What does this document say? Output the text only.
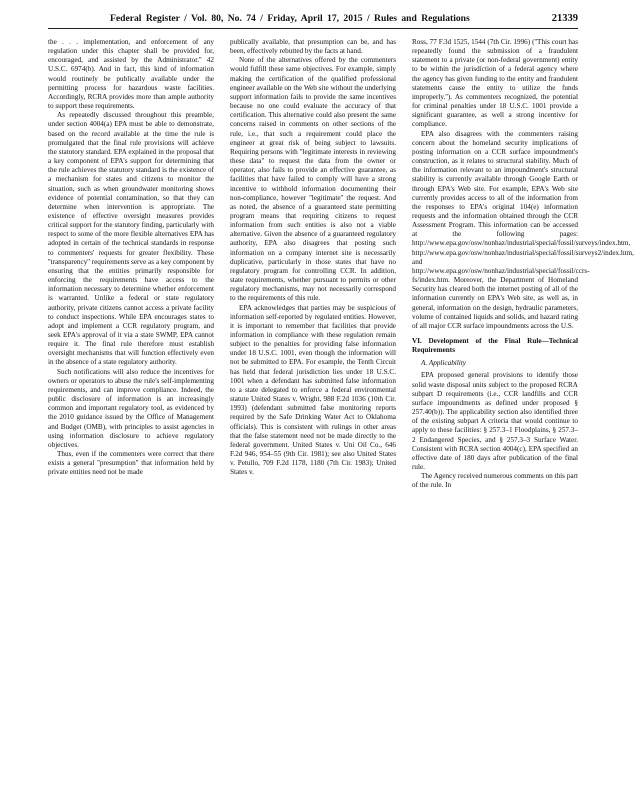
Federal Register / Vol. 80, No. 74 / Friday, April 17, 2015 / Rules and Regulations	21339

the . . . implementation, and enforcement of any regulation under this chapter shall be provided for, encouraged, and assisted by the Administrator.'' 42 U.S.C. 6974(b). And in fact, this kind of information would routinely be publically available under the permitting process for hazardous waste facilities. Accordingly, RCRA provides more than ample authority to support these requirements.

As repeatedly discussed throughout this preamble, under section 4004(a) EPA must be able to demonstrate, based on the record available at the time the rule is promulgated that the final rule provisions will achieve the statutory standard. EPA explained in the proposal that a key component of EPA's support for determining that the rule achieves the statutory standard is the existence of a mechanism for states and citizens to monitor the situation, such as when groundwater monitoring shows evidence of potential contamination, so that they can determine when intervention is appropriate. The existence of effective oversight measures provides critical support for the statutory finding, particularly with respect to some of the more flexible alternatives EPA has adopted in certain of the technical standards in response to commenters' requests for greater flexibility. These ''transparency'' requirements serve as a key component by ensuring that the entities primarily responsible for enforcing the requirements have access to the information necessary to determine whether enforcement is warranted. Unlike a federal or state regulatory authority, private citizens cannot access a private facility to conduct inspections. While EPA encourages states to adopt and implement a CCR regulatory program, and seek EPA's approval of it via a state SWMP, EPA cannot require it. The final rule therefore must establish oversight mechanisms that will function effectively even in the absence of a state regulatory authority.

Such notifications will also reduce the incentives for owners or operators to abuse the rule's self-implementing requirements, and can improve compliance. Indeed, the public disclosure of information is an increasingly common and important regulatory tool, as evidenced by the 2010 guidance issued by the Office of Management and Budget (OMB), with principles to assist agencies in using information disclosure to achieve regulatory objectives.

Thus, even if the commenters were correct that there exists a general ''presumption'' that information held by private entities need not be made

publically available, that presumption can be, and has been, effectively rebutted by the facts at hand.

None of the alternatives offered by the commenters would fulfill these same objectives. For example, simply making the certification of the qualified professional engineer available on the Web site without the underlying support information fails to provide the same incentives because no one could evaluate the accuracy of that certification. This alternative could also present the same concerns raised in comments on other sections of the rule, i.e., that such a requirement could place the engineer at great risk of being subject to lawsuits. Requiring persons with ''legitimate interests in reviewing these data'' to request the data from the owner or operator, also fails to provide an effective guarantee, as facilities that have failed to comply will have a strong incentive to withhold information documenting their non-compliance, however ''legitimate'' the request. And as noted, the absence of a guaranteed state permitting program means that requiring citizens to request information from such entities is also not a viable alternative. Given the absence of a guaranteed regulatory authority, EPA also disagrees that posting such information on a company internet site is necessarily duplicative, particularly in those states that have no regulatory program for controlling CCR. In addition, state requirements, whether pursuant to permits or other regulatory mechanisms, may not necessarily correspond to the requirements of this rule.

EPA acknowledges that parties may be suspicious of information self-reported by regulated entities. However, it is important to remember that facilities that provide information in compliance with these regulation remain subject to the penalties for providing false information under 18 U.S.C. 1001, even though the information will not be submitted to EPA. For example, the Tenth Circuit has held that federal jurisdiction lies under 18 U.S.C. 1001 when a defendant has submitted false information to a state delegated to enforce a federal environmental statute United States v. Wright, 988 F.2d 1036 (10th Cir. 1993) (defendant submitted false monitoring reports required by the Safe Drinking Water Act to Oklahoma officials). This is consistent with rulings in other areas that the false statement need not be made directly to the federal government. United States v. Uni Oil Co., 646 F.2d 946, 954–55 (9th Cir. 1981); see also United States v. Petullo, 709 F.2d 1178, 1180 (7th Cir. 1983); United States v.

Ross, 77 F.3d 1525, 1544 (7th Cir. 1996) (''This court has repeatedly found the submission of a fraudulent statement to a private (or non-federal government) entity to be within the jurisdiction of a federal agency where the agency has given funding to the entity and fraudulent statements cause the entity to utilize the funds improperly.''). As commenters recognized, the potential for criminal penalties under 18 U.S.C. 1001 provide a significant guarantee, as well a strong incentive for compliance.

EPA also disagrees with the commenters raising concern about the homeland security implications of posting information on a CCR surface impoundment's construction, as it relates to structural stability. Much of the information relevant to an impoundment's structural stability is currently available through Google Earth or through EPA's Web site. For example, EPA's Web site currently provides access to all of the information from the responses to EPA's original 104(e) information requests and the information obtained through the CCR Assessment Program. This information can be accessed at the following pages: http://www.epa.gov/osw/nonhaz/industrial/special/fossil/surveys/index.htm, http://www.epa.gov/osw/nonhaz/industrial/special/fossil/surveys2/index.htm, and http://www.epa.gov/osw/nonhaz/industrial/special/fossil/ccrs-fs/index.htm. Moreover, the Department of Homeland Security has cleared both the internet posting of all of the information currently on EPA's Web site, as well as, in general, information on the design, hydraulic parameters, volume of contained liquids and solids, and hazard rating of all major CCR surface impoundments across the U.S.

VI. Development of the Final Rule—Technical Requirements

A. Applicability

EPA proposed general provisions to identify those solid waste disposal units subject to the proposed RCRA subpart D requirements (i.e., CCR landfills and CCR surface impoundments as defined under proposed § 257.40(b)). The applicability section also identified three of the existing subpart A criteria that would continue to apply to these facilities: § 257.3–1 Floodplains, § 257.3–2 Endangered Species, and § 257.3–3 Surface Water. Consistent with RCRA section 4004(c), EPA specified an effective date of 180 days after publication of the final rule.

The Agency received numerous comments on this part of the rule. In
